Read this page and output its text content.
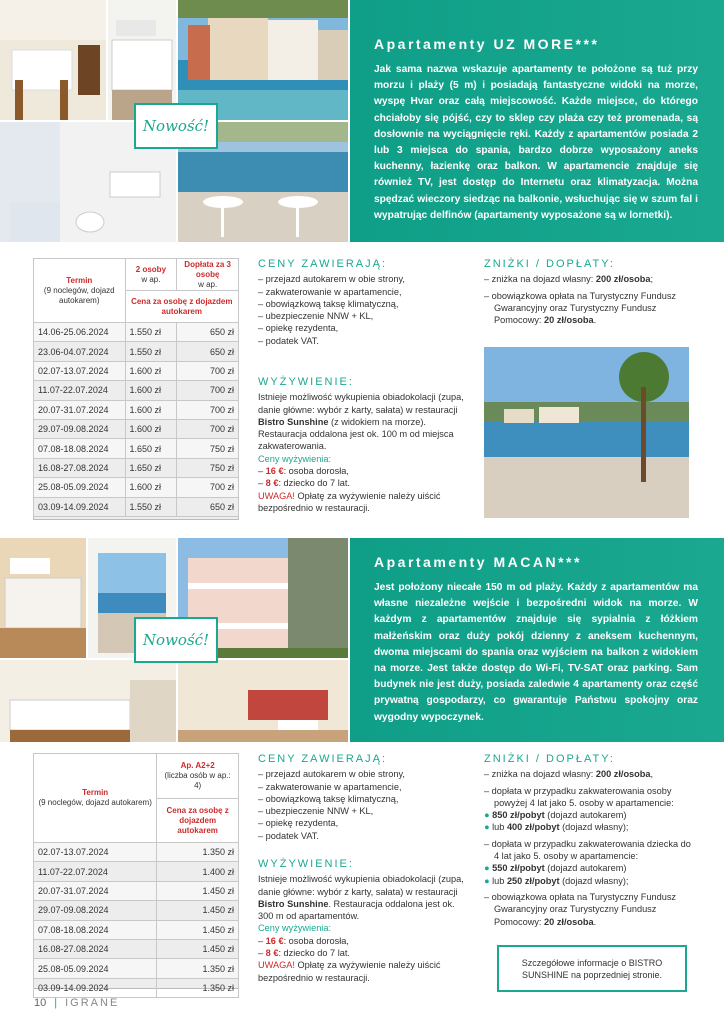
Nowość!
Apartamenty UZ MORE***
Jak sama nazwa wskazuje apartamenty te położone są tuż przy morzu i plaży (5 m) i posiadają fantastyczne widoki na morze, wyspę Hvar oraz całą miejscowość. Każde miejsce, do którego chciałoby się pójść, czy to sklep czy plaża czy też promenada, są dosłownie na wyciągnięcie ręki. Każdy z apartamentów posiada 2 lub 3 miejsca do spania, bardzo dobrze wyposażony aneks kuchenny, łazienkę oraz balkon. W apartamencie znajduje się również TV, jest dostęp do Internetu oraz klimatyzacja. Można spędzać wieczory siedząc na balkonie, wsłuchując się w szum fal i wypatrując delfinów (apartamenty wyposażone są w lornetki).
Termin
(9 noclegów, dojazd autokarem)	2 osoby
w ap.	Dopłata za 3 osobę
w ap.
	Cena za osobę z dojazdem autokarem	
14.06-25.06.2024	1.550 zł	650 zł
23.06-04.07.2024	1.550 zł	650 zł
02.07-13.07.2024	1.600 zł	700 zł
11.07-22.07.2024	1.600 zł	700 zł
20.07-31.07.2024	1.600 zł	700 zł
29.07-09.08.2024	1.600 zł	700 zł
07.08-18.08.2024	1.650 zł	750 zł
16.08-27.08.2024	1.650 zł	750 zł
25.08-05.09.2024	1.600 zł	700 zł
03.09-14.09.2024	1.550 zł	650 zł
CENY ZAWIERAJĄ:
– przejazd autokarem w obie strony,
– zakwaterowanie w apartamencie,
– obowiązkową taksę klimatyczną,
– ubezpieczenie NNW + KL,
– opiekę rezydenta,
– podatek VAT.
WYŻYWIENIE:
Istnieje możliwość wykupienia obiadokolacji (zupa, danie główne: wybór z karty, sałata) w restauracji Bistro Sunshine (z widokiem na morze). Restauracja oddalona jest ok. 100 m od miejsca zakwaterowania.
Ceny wyżywienia:
– 16 €: osoba dorosła,
– 8 €: dziecko do 7 lat.
UWAGA! Opłatę za wyżywienie należy uiścić bezpośrednio w restauracji.
ZNIŻKI / DOPŁATY:
– zniżka na dojazd własny: 200 zł/osoba;
– obowiązkowa opłata na Turystyczny Fundusz Gwarancyjny oraz Turystyczny Fundusz Pomocowy: 20 zł/osoba.
Nowość!
Apartamenty MACAN***
Jest położony niecałe 150 m od plaży. Każdy z apartamentów ma własne niezależne wejście i bezpośredni widok na morze. W każdym z apartamentów znajduje się sypialnia z łóżkiem małżeńskim oraz duży pokój dzienny z aneksem kuchennym, dwoma miejscami do spania oraz wyjściem na balkon z widokiem na morze. Jest także dostęp do Wi-Fi, TV-SAT oraz parking. Sam budynek nie jest duży, posiada zaledwie 4 apartamenty oraz część prywatną gospodarzy, co gwarantuje Państwu spokojny oraz wygodny wypoczynek.
Termin
(9 noclegów, dojazd autokarem)	Ap. A2+2
(liczba osób w ap.: 4)
	Cena za osobę z dojazdem autokarem
02.07-13.07.2024	1.350 zł
11.07-22.07.2024	1.400 zł
20.07-31.07.2024	1.450 zł
29.07-09.08.2024	1.450 zł
07.08-18.08.2024	1.450 zł
16.08-27.08.2024	1.450 zł
25.08-05.09.2024	1.350 zł
03.09-14.09.2024	1.350 zł
CENY ZAWIERAJĄ:
– przejazd autokarem w obie strony,
– zakwaterowanie w apartamencie,
– obowiązkową taksę klimatyczną,
– ubezpieczenie NNW + KL,
– opiekę rezydenta,
– podatek VAT.
WYŻYWIENIE:
Istnieje możliwość wykupienia obiadokolacji (zupa, danie główne: wybór z karty, sałata) w restauracji Bistro Sunshine. Restauracja oddalona jest ok. 300 m od apartamentów.
Ceny wyżywienia:
– 16 €: osoba dorosła,
– 8 €: dziecko do 7 lat.
UWAGA! Opłatę za wyżywienie należy uiścić bezpośrednio w restauracji.
ZNIŻKI / DOPŁATY:
– zniżka na dojazd własny: 200 zł/osoba,
– dopłata w przypadku zakwaterowania osoby powyżej 4 lat jako 5. osoby w apartamencie:
● 850 zł/pobyt (dojazd autokarem)
● lub 400 zł/pobyt (dojazd własny);
– dopłata w przypadku zakwaterowania dziecka do 4 lat jako 5. osoby w apartamencie:
● 550 zł/pobyt (dojazd autokarem)
● lub 250 zł/pobyt (dojazd własny);
– obowiązkowa opłata na Turystyczny Fundusz Gwarancyjny oraz Turystyczny Fundusz Pomocowy: 20 zł/osoba.
Szczegółowe informacje o BISTRO SUNSHINE na poprzedniej stronie.
10 | IGRANE
